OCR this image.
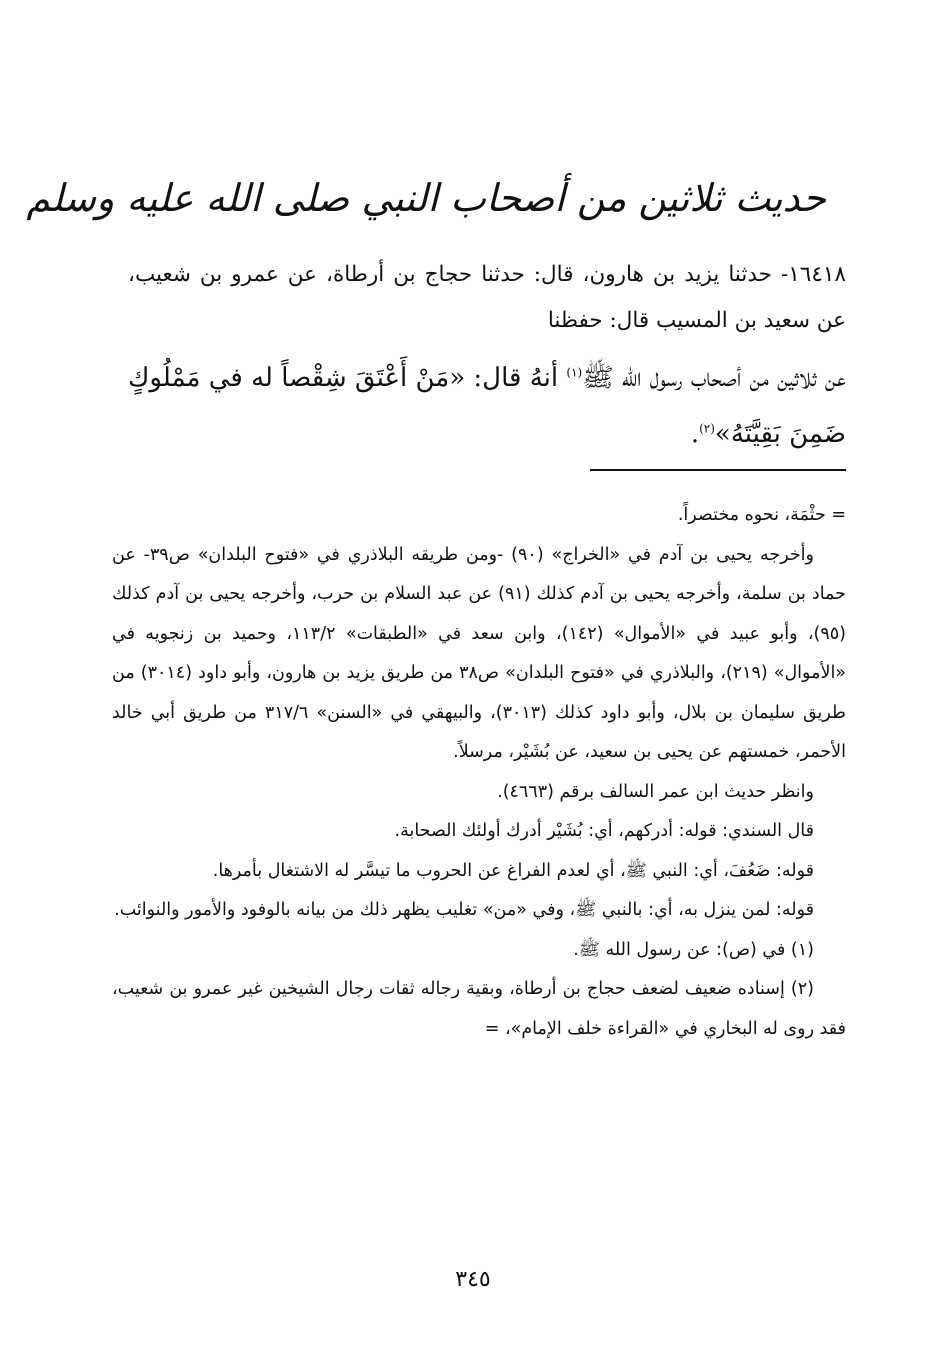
حديث ثلاثين من أصحاب النبي صلى الله عليه وسلم
١٦٤١٨- حدثنا يزيد بن هارون، قال: حدثنا حجاج بن أرطاة، عن عمرو بن شعيب، عن سعيد بن المسيب قال: حفظنا
عن ثلاثين من أصحاب رسول الله ﷺ$^{(١)}$ أنهُ قال: «مَنْ أَعْتَقَ شِقْصاً له في مَمْلُوكٍ ضَمِنَ بَقِيَّتَهُ»$^{(٢)}$.

= حثْمَة، نحوه مختصراً.

وأخرجه يحيى بن آدم في «الخراج» (٩٠) -ومن طريقه البلاذري في «فتوح البلدان» ص٣٩- عن حماد بن سلمة، وأخرجه يحيى بن آدم كذلك (٩١) عن عبد السلام بن حرب، وأخرجه يحيى بن آدم كذلك (٩٥)، وأبو عبيد في «الأموال» (١٤٢)، وابن سعد في «الطبقات» ١١٣/٢، وحميد بن زنجويه في «الأموال» (٢١٩)، والبلاذري في «فتوح البلدان» ص٣٨ من طريق يزيد بن هارون، وأبو داود (٣٠١٤) من طريق سليمان بن بلال، وأبو داود كذلك (٣٠١٣)، والبيهقي في «السنن» ٣١٧/٦ من طريق أبي خالد الأحمر، خمستهم عن يحيى بن سعيد، عن بُشَيْر، مرسلاً.

وانظر حديث ابن عمر السالف برقم (٤٦٦٣).

قال السندي: قوله: أدركهم، أي: بُشَيْر أدرك أولئك الصحابة.

قوله: ضَعُفَ، أي: النبي ﷺ، أي لعدم الفراغ عن الحروب ما تيسَّر له الاشتغال بأمرها.

قوله: لمن ينزل به، أي: بالنبي ﷺ، وفي «من» تغليب يظهر ذلك من بيانه بالوفود والأمور والنوائب.

(١) في (ص): عن رسول الله ﷺ.

(٢) إسناده ضعيف لضعف حجاج بن أرطاة، وبقية رجاله ثقات رجال الشيخين غير عمرو بن شعيب، فقد روى له البخاري في «القراءة خلف الإمام»، =

٣٤٥
